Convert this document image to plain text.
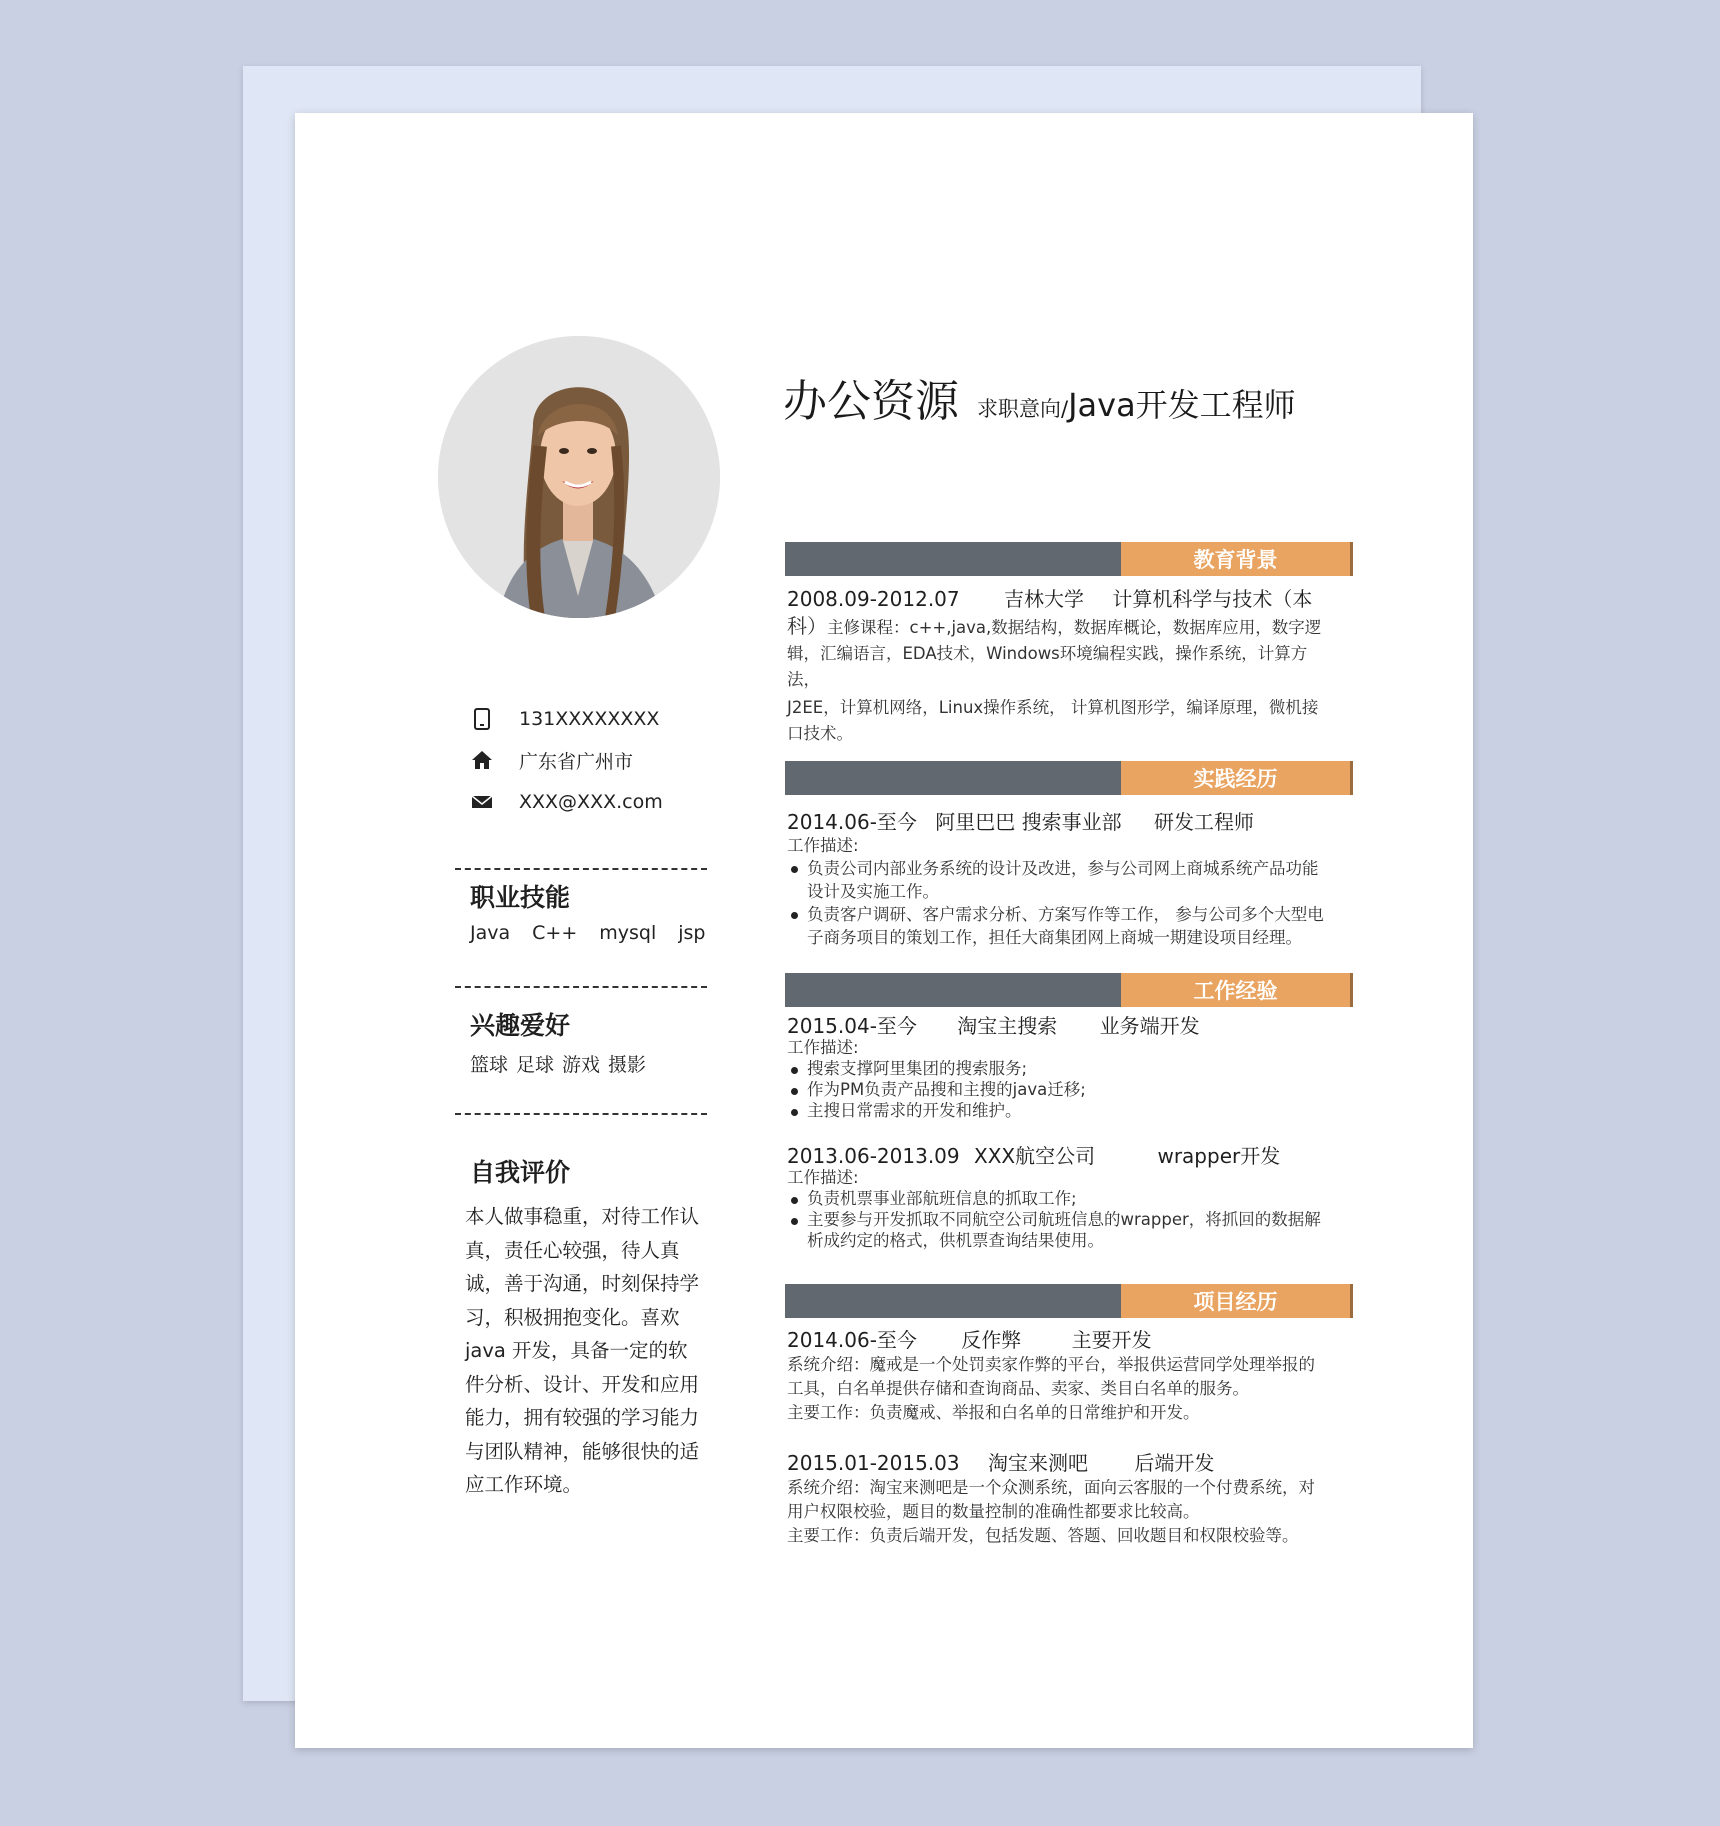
131XXXXXXXX
广东省广州市
XXX@XXX.com
职业技能
Java C++ mysql jsp
兴趣爱好
篮球 足球 游戏 摄影
自我评价
本人做事稳重，对待工作认真，责任心较强，待人真诚，善于沟通，时刻保持学习，积极拥抱变化。喜欢java 开发，具备一定的软件分析、设计、开发和应用能力，拥有较强的学习能力与团队精神，能够很快的适应工作环境。
办公资源 求职意向/Java开发工程师
教育背景
2008.09-2012.07 吉林大学 计算机科学与技术（本
科）主修课程：c++,java,数据结构，数据库概论，数据库应用，数字逻辑，汇编语言，EDA技术，Windows环境编程实践，操作系统，计算方法，
J2EE，计算机网络，Linux操作系统， 计算机图形学，编译原理，微机接口技术。
实践经历
2014.06-至今 阿里巴巴 搜索事业部 研发工程师
工作描述:
负责公司内部业务系统的设计及改进，参与公司网上商城系统产品功能设计及实施工作。
负责客户调研、客户需求分析、方案写作等工作， 参与公司多个大型电子商务项目的策划工作，担任大商集团网上商城一期建设项目经理。
工作经验
2015.04-至今 淘宝主搜索 业务端开发
工作描述:
搜索支撑阿里集团的搜索服务;
作为PM负责产品搜和主搜的java迁移;
主搜日常需求的开发和维护。
2013.06-2013.09 XXX航空公司	wrapper开发
工作描述:
负责机票事业部航班信息的抓取工作;
主要参与开发抓取不同航空公司航班信息的wrapper，将抓回的数据解析成约定的格式，供机票查询结果使用。
项目经历
2014.06-至今 反作弊	主要开发
系统介绍：魔戒是一个处罚卖家作弊的平台，举报供运营同学处理举报的工具，白名单提供存储和查询商品、卖家、类目白名单的服务。
主要工作：负责魔戒、举报和白名单的日常维护和开发。
2015.01-2015.03 淘宝来测吧 后端开发
系统介绍：淘宝来测吧是一个众测系统，面向云客服的一个付费系统，对用户权限校验，题目的数量控制的准确性都要求比较高。
主要工作：负责后端开发，包括发题、答题、回收题目和权限校验等。
